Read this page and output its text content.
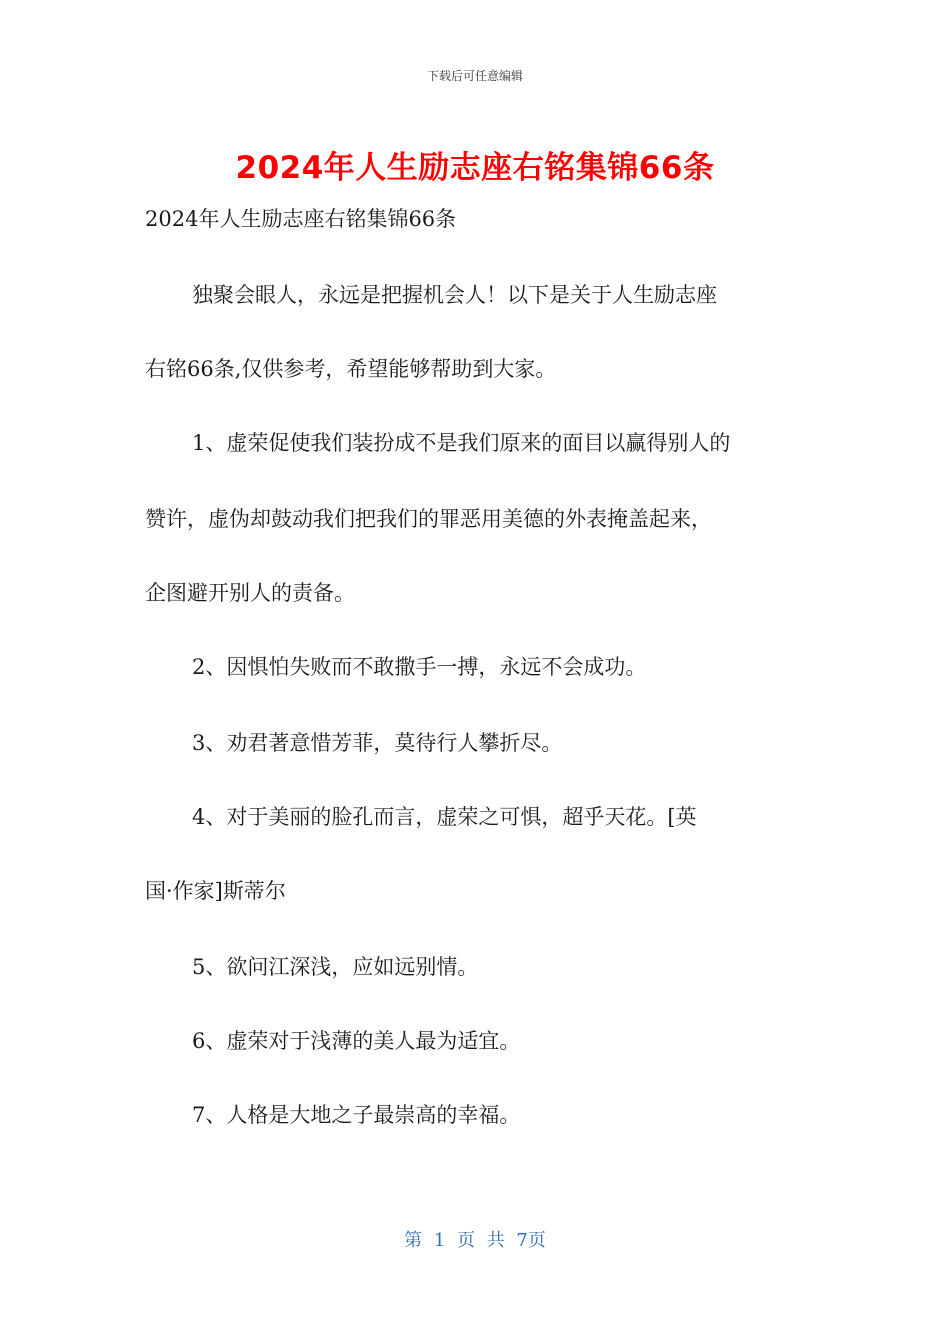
下载后可任意编辑
2024年人生励志座右铭集锦66条
2024年人生励志座右铭集锦66条
独聚会眼人，永远是把握机会人！以下是关于人生励志座
右铭66条,仅供参考，希望能够帮助到大家。
1、虚荣促使我们装扮成不是我们原来的面目以赢得别人的
赞许，虚伪却鼓动我们把我们的罪恶用美德的外表掩盖起来，
企图避开别人的责备。
2、因惧怕失败而不敢撒手一搏，永远不会成功。
3、劝君著意惜芳菲，莫待行人攀折尽。
4、对于美丽的脸孔而言，虚荣之可惧，超乎天花。[英
国·作家]斯蒂尔
5、欲问江深浅，应如远别情。
6、虚荣对于浅薄的美人最为适宜。
7、人格是大地之子最崇高的幸福。
第 1 页 共 7页
